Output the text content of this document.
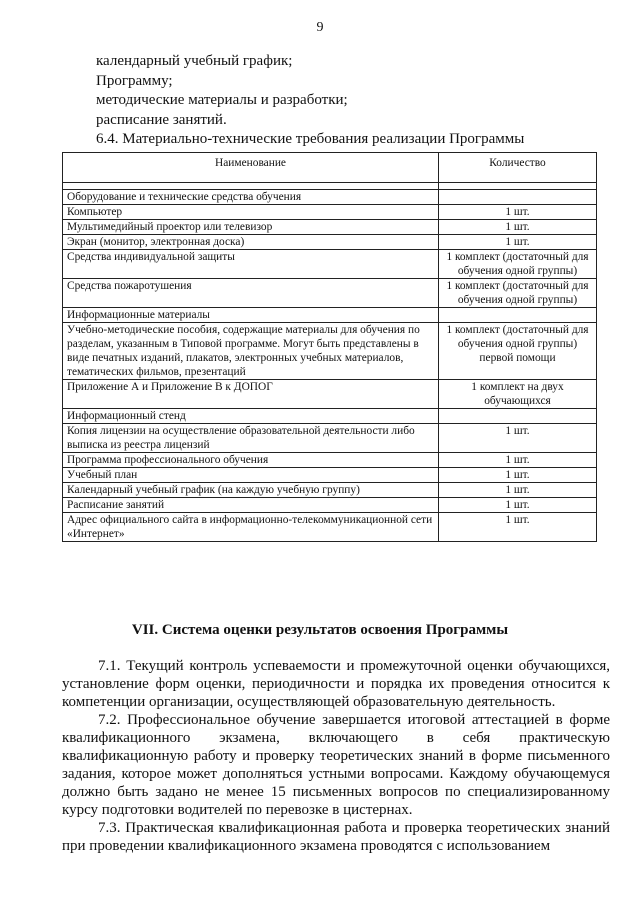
9
календарный учебный график;
Программу;
методические материалы и разработки;
расписание занятий.
6.4. Материально-технические требования реализации Программы
Наименование	Количество

Оборудование и технические средства обучения	
Компьютер	1 шт.
Мультимедийный проектор или телевизор	1 шт.
Экран (монитор, электронная доска)	1 шт.
Средства индивидуальной защиты	1 комплект (достаточный для обучения одной группы)
Средства пожаротушения	1 комплект (достаточный для обучения одной группы)
Информационные материалы	
Учебно-методические пособия, содержащие материалы для обучения по разделам, указанным в Типовой программе. Могут быть представлены в виде печатных изданий, плакатов, электронных учебных материалов, тематических фильмов, презентаций	1 комплект (достаточный для обучения одной группы) первой помощи
Приложение А и Приложение В к ДОПОГ	1 комплект на двух обучающихся
Информационный стенд	
Копия лицензии на осуществление образовательной деятельности либо выписка из реестра лицензий	1 шт.
Программа профессионального обучения	1 шт.
Учебный план	1 шт.
Календарный учебный график (на каждую учебную группу)	1 шт.
Расписание занятий	1 шт.
Адрес официального сайта в информационно-телекоммуникационной сети «Интернет»	1 шт.
VII. Система оценки результатов освоения Программы

7.1. Текущий контроль успеваемости и промежуточной оценки обучающихся, установление форм оценки, периодичности и порядка их проведения относится к компетенции организации, осуществляющей образовательную деятельность.

7.2. Профессиональное обучение завершается итоговой аттестацией в форме квалификационного экзамена, включающего в себя практическую квалификационную работу и проверку теоретических знаний в форме письменного задания, которое может дополняться устными вопросами. Каждому обучающемуся должно быть задано не менее 15 письменных вопросов по специализированному курсу подготовки водителей по перевозке в цистернах.

7.3. Практическая квалификационная работа и проверка теоретических знаний при проведении квалификационного экзамена проводятся с использованием
